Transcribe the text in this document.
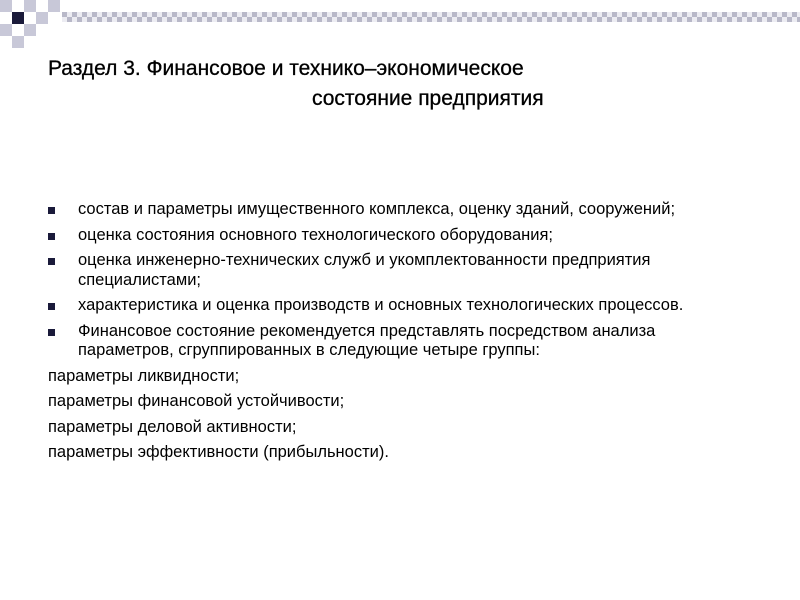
Раздел 3. Финансовое и технико–экономическое
состояние предприятия
состав и параметры имущественного комплекса, оценку зданий, сооружений;
оценка состояния основного технологического оборудования;
оценка инженерно-технических служб и укомплектованности предприятия специалистами;
характеристика и оценка производств и основных технологических процессов.
Финансовое состояние рекомендуется представлять посредством анализа параметров, сгруппированных в следующие четыре группы:
параметры ликвидности;
параметры финансовой устойчивости;
параметры деловой активности;
параметры эффективности (прибыльности).
